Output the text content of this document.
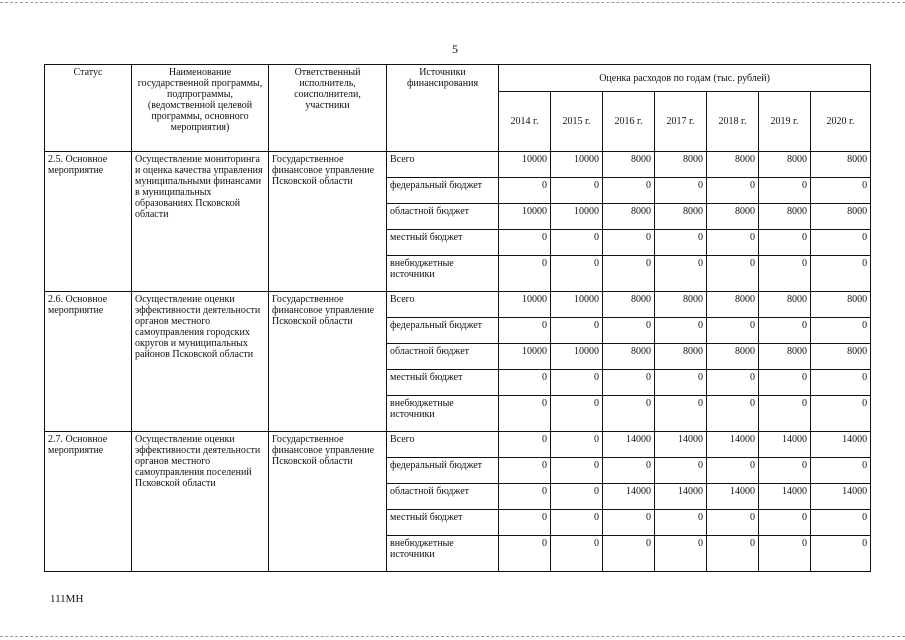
5
Статус	Наименование государственной программы, подпрограммы, (ведомственной целевой программы, основного мероприятия)	Ответственный исполнитель, соисполнители, участники	Источники финансирования	Оценка расходов по годам (тыс. рублей)						
				2014 г.	2015 г.	2016 г.	2017 г.	2018 г.	2019 г.	2020 г.
2.5. Основное мероприятие	Осуществление мониторинга и оценка качества управления муниципальными финансами в муниципальных образованиях Псковской области	Государственное финансовое управление Псковской области	Всего	10000	10000	8000	8000	8000	8000	8000
			федеральный бюджет	0	0	0	0	0	0	0
			областной бюджет	10000	10000	8000	8000	8000	8000	8000
			местный бюджет	0	0	0	0	0	0	0
			внебюджетные источники	0	0	0	0	0	0	0
2.6. Основное мероприятие	Осуществление оценки эффективности деятельности органов местного самоуправления городских округов и муниципальных районов Псковской области	Государственное финансовое управление Псковской области	Всего	10000	10000	8000	8000	8000	8000	8000
			федеральный бюджет	0	0	0	0	0	0	0
			областной бюджет	10000	10000	8000	8000	8000	8000	8000
			местный бюджет	0	0	0	0	0	0	0
			внебюджетные источники	0	0	0	0	0	0	0
2.7. Основное мероприятие	Осуществление оценки эффективности деятельности органов местного самоуправления поселений Псковской области	Государственное финансовое управление Псковской области	Всего	0	0	14000	14000	14000	14000	14000
			федеральный бюджет	0	0	0	0	0	0	0
			областной бюджет	0	0	14000	14000	14000	14000	14000
			местный бюджет	0	0	0	0	0	0	0
			внебюджетные источники	0	0	0	0	0	0	0
111МН
